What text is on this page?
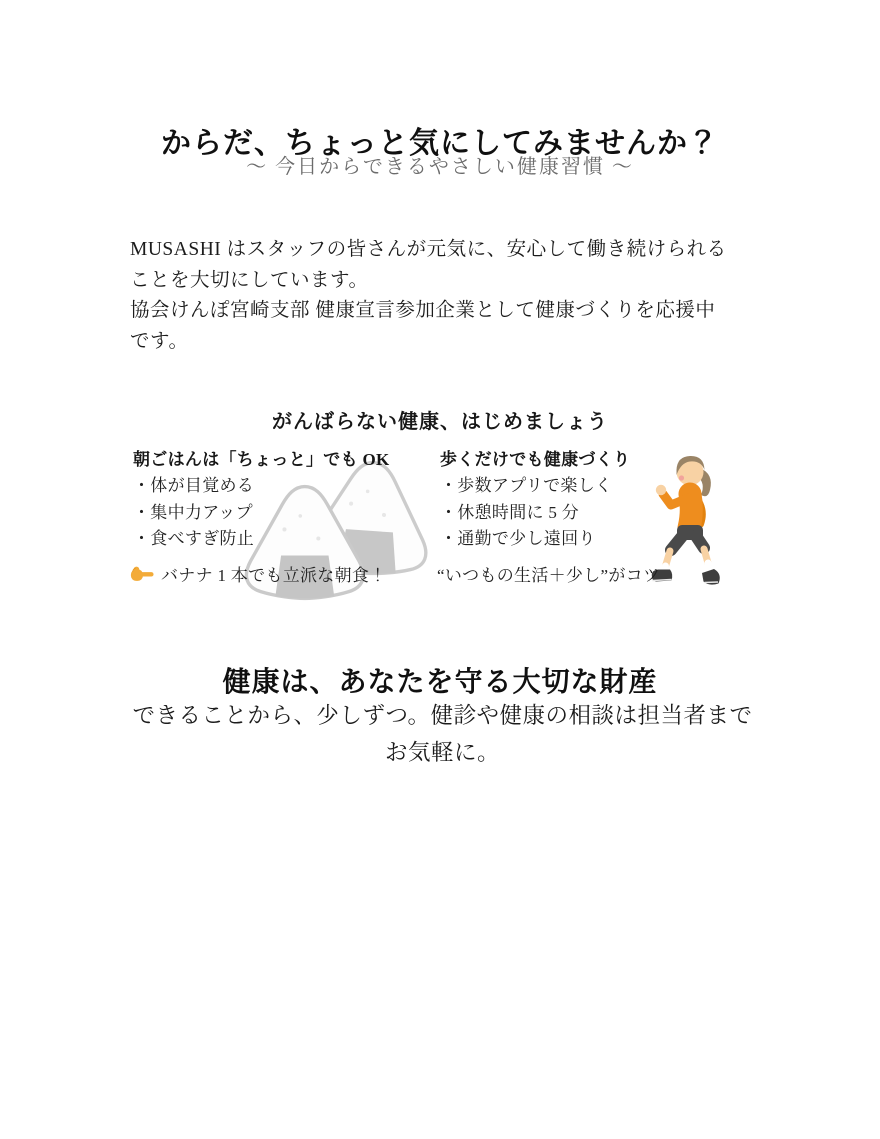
からだ、ちょっと気にしてみませんか？
～ 今日からできるやさしい健康習慣 ～
MUSASHI はスタッフの皆さんが元気に、安心して働き続けられる
ことを大切にしています。
協会けんぽ宮崎支部 健康宣言参加企業として健康づくりを応援中
です。
がんばらない健康、はじめましょう
朝ごはんは「ちょっと」でも OK
・体が目覚める
・集中力アップ
・食べすぎ防止
歩くだけでも健康づくり
・歩数アプリで楽しく
・休憩時間に 5 分
・通勤で少し遠回り
バナナ 1 本でも立派な朝食！	“いつもの生活＋少し”がコツ
健康は、あなたを守る大切な財産
できることから、少しずつ。健診や健康の相談は担当者まで
お気軽に。
